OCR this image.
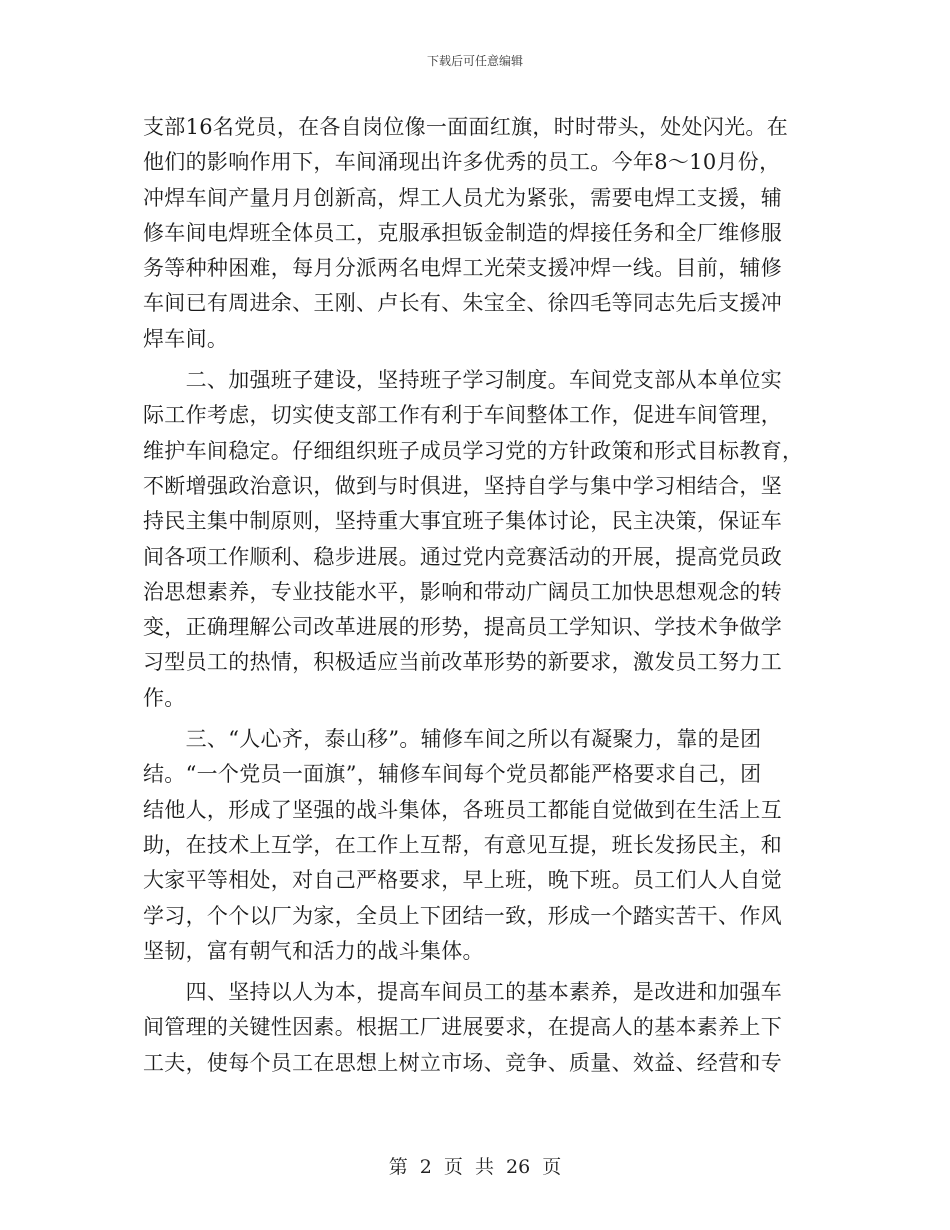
下载后可任意编辑
支部16名党员，在各自岗位像一面面红旗，时时带头，处处闪光。在
他们的影响作用下，车间涌现出许多优秀的员工。今年8～10月份，
冲焊车间产量月月创新高，焊工人员尤为紧张，需要电焊工支援，辅
修车间电焊班全体员工，克服承担钣金制造的焊接任务和全厂维修服
务等种种困难，每月分派两名电焊工光荣支援冲焊一线。目前，辅修
车间已有周进余、王刚、卢长有、朱宝全、徐四毛等同志先后支援冲
焊车间。
　　二、加强班子建设，坚持班子学习制度。车间党支部从本单位实
际工作考虑，切实使支部工作有利于车间整体工作，促进车间管理，
维护车间稳定。仔细组织班子成员学习党的方针政策和形式目标教育，
不断增强政治意识，做到与时俱进，坚持自学与集中学习相结合，坚
持民主集中制原则，坚持重大事宜班子集体讨论，民主决策，保证车
间各项工作顺利、稳步进展。通过党内竞赛活动的开展，提高党员政
治思想素养，专业技能水平，影响和带动广阔员工加快思想观念的转
变，正确理解公司改革进展的形势，提高员工学知识、学技术争做学
习型员工的热情，积极适应当前改革形势的新要求，激发员工努力工
作。
　　三、“人心齐，泰山移”。辅修车间之所以有凝聚力，靠的是团
结。“一个党员一面旗”，辅修车间每个党员都能严格要求自己，团
结他人，形成了坚强的战斗集体，各班员工都能自觉做到在生活上互
助，在技术上互学，在工作上互帮，有意见互提，班长发扬民主，和
大家平等相处，对自己严格要求，早上班，晚下班。员工们人人自觉
学习，个个以厂为家，全员上下团结一致，形成一个踏实苦干、作风
坚韧，富有朝气和活力的战斗集体。
　　四、坚持以人为本，提高车间员工的基本素养，是改进和加强车
间管理的关键性因素。根据工厂进展要求，在提高人的基本素养上下
工夫，使每个员工在思想上树立市场、竞争、质量、效益、经营和专
第 2 页 共 26 页
